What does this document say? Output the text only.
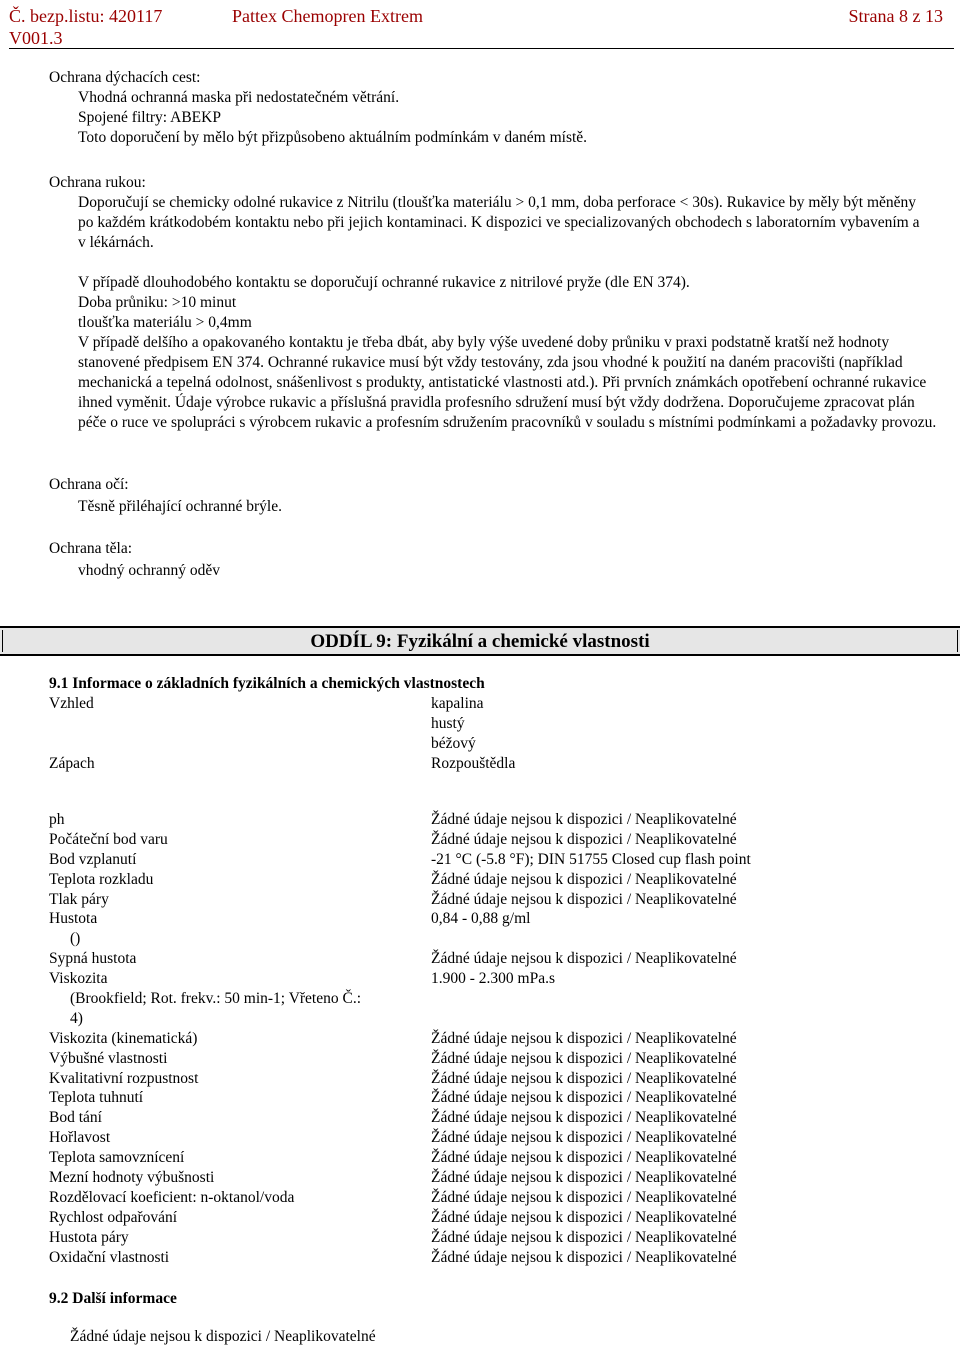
Č. bezp.listu: 420117	Pattex Chemopren Extrem	Strana 8 z 13
V001.3

Ochrana dýchacích cest:

Vhodná ochranná maska při nedostatečném větrání.

Spojené filtry: ABEKP

Toto doporučení by mělo být přizpůsobeno aktuálním podmínkám v daném místě.

Ochrana rukou:

Doporučují se chemicky odolné rukavice z Nitrilu (tloušťka materiálu > 0,1 mm, doba perforace < 30s). Rukavice by měly být měněny po každém krátkodobém kontaktu nebo při jejich kontaminaci. K dispozici ve specializovaných obchodech s laboratorním vybavením a v lékárnách.

V případě dlouhodobého kontaktu se doporučují ochranné rukavice z nitrilové pryže (dle EN 374).

Doba průniku: >10 minut

tloušťka materiálu > 0,4mm

V případě delšího a opakovaného kontaktu je třeba dbát, aby byly výše uvedené doby průniku v praxi podstatně kratší než hodnoty stanovené předpisem EN 374. Ochranné rukavice musí být vždy testovány, zda jsou vhodné k použití na daném pracovišti (například mechanická a tepelná odolnost, snášenlivost s produkty, antistatické vlastnosti atd.). Při prvních známkách opotřebení ochranné rukavice ihned vyměnit. Údaje výrobce rukavic a příslušná pravidla profesního sdružení musí být vždy dodržena. Doporučujeme zpracovat plán péče o ruce ve spolupráci s výrobcem rukavic a profesním sdružením pracovníků v souladu s místními podmínkami a požadavky provozu.

Ochrana očí:

Těsně přiléhající ochranné brýle.

Ochrana těla:

vhodný ochranný oděv

ODDÍL 9: Fyzikální a chemické vlastnosti
9.1 Informace o základních fyzikálních a chemických vlastnostech
Vzhled	kapalina
hustý
béžový
Zápach	Rozpouštědla
ph	Žádné údaje nejsou k dispozici / Neaplikovatelné
Počáteční bod varu	Žádné údaje nejsou k dispozici / Neaplikovatelné
Bod vzplanutí	-21 °C (-5.8 °F); DIN 51755 Closed cup flash point
Teplota rozkladu	Žádné údaje nejsou k dispozici / Neaplikovatelné
Tlak páry	Žádné údaje nejsou k dispozici / Neaplikovatelné
Hustota	0,84 - 0,88 g/ml
()
Sypná hustota	Žádné údaje nejsou k dispozici / Neaplikovatelné
Viskozita	1.900 - 2.300 mPa.s
(Brookfield; Rot. frekv.: 50 min-1; Vřeteno Č.:
4)
Viskozita (kinematická)	Žádné údaje nejsou k dispozici / Neaplikovatelné
Výbušné vlastnosti	Žádné údaje nejsou k dispozici / Neaplikovatelné
Kvalitativní rozpustnost	Žádné údaje nejsou k dispozici / Neaplikovatelné
Teplota tuhnutí	Žádné údaje nejsou k dispozici / Neaplikovatelné
Bod tání	Žádné údaje nejsou k dispozici / Neaplikovatelné
Hořlavost	Žádné údaje nejsou k dispozici / Neaplikovatelné
Teplota samovznícení	Žádné údaje nejsou k dispozici / Neaplikovatelné
Mezní hodnoty výbušnosti	Žádné údaje nejsou k dispozici / Neaplikovatelné
Rozdělovací koeficient: n-oktanol/voda	Žádné údaje nejsou k dispozici / Neaplikovatelné
Rychlost odpařování	Žádné údaje nejsou k dispozici / Neaplikovatelné
Hustota páry	Žádné údaje nejsou k dispozici / Neaplikovatelné
Oxidační vlastnosti	Žádné údaje nejsou k dispozici / Neaplikovatelné
9.2 Další informace
Žádné údaje nejsou k dispozici / Neaplikovatelné
